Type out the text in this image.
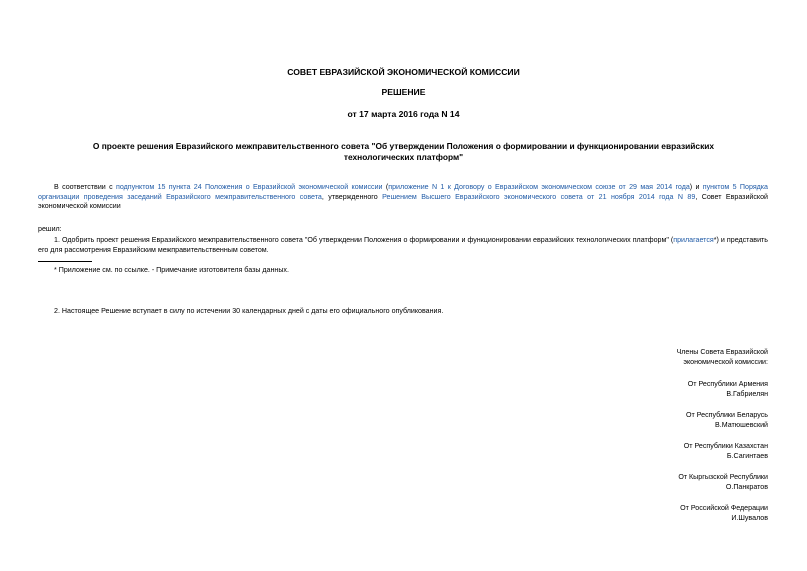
СОВЕТ ЕВРАЗИЙСКОЙ ЭКОНОМИЧЕСКОЙ КОМИССИИ
РЕШЕНИЕ
от 17 марта 2016 года N 14
О проекте решения Евразийского межправительственного совета "Об утверждении Положения о формировании и функционировании евразийских технологических платформ"
В соответствии с подпунктом 15 пункта 24 Положения о Евразийской экономической комиссии (приложение N 1 к Договору о Евразийском экономическом союзе от 29 мая 2014 года) и пунктом 5 Порядка организации проведения заседаний Евразийского межправительственного совета, утвержденного Решением Высшего Евразийского экономического совета от 21 ноября 2014 года N 89, Совет Евразийской экономической комиссии
решил:
1. Одобрить проект решения Евразийского межправительственного совета "Об утверждении Положения о формировании и функционировании евразийских технологических платформ" (прилагается*) и представить его для рассмотрения Евразийским межправительственным советом.
* Приложение см. по ссылке. - Примечание изготовителя базы данных.
2. Настоящее Решение вступает в силу по истечении 30 календарных дней с даты его официального опубликования.
Члены Совета Евразийской
экономической комиссии:
От Республики Армения
В.Габриелян
От Республики Беларусь
В.Матюшевский
От Республики Казахстан
Б.Сагинтаев
От Кыргызской Республики
О.Панкратов
От Российской Федерации
И.Шувалов
